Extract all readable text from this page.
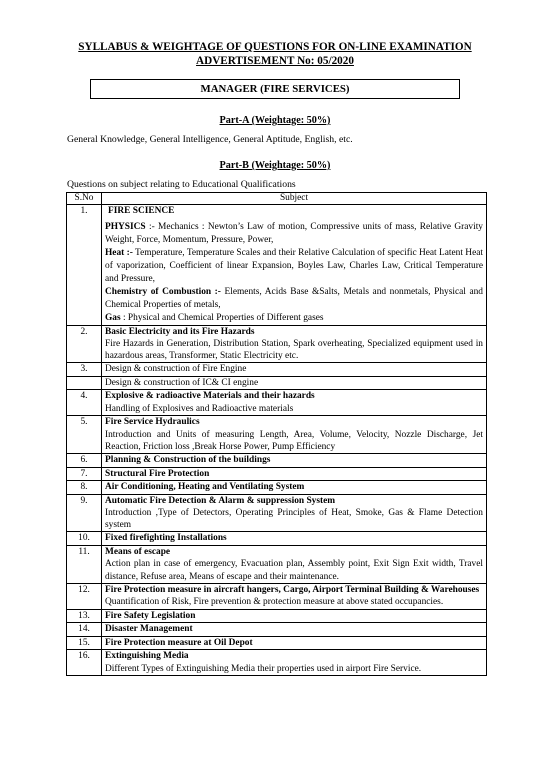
SYLLABUS & WEIGHTAGE OF QUESTIONS FOR ON-LINE EXAMINATION
ADVERTISEMENT No: 05/2020
MANAGER (FIRE SERVICES)
Part-A (Weightage: 50%)
General Knowledge, General Intelligence, General Aptitude, English, etc.
Part-B (Weightage: 50%)
Questions on subject relating to Educational Qualifications
S.No	Subject
1.	FIRE SCIENCE
PHYSICS :- Mechanics : Newton’s Law of motion, Compressive units of mass, Relative Gravity Weight, Force, Momentum, Pressure, Power,
Heat :- Temperature, Temperature Scales and their Relative Calculation of specific Heat Latent Heat of vaporization, Coefficient of linear Expansion, Boyles Law, Charles Law, Critical Temperature and Pressure,
Chemistry of Combustion :- Elements, Acids Base &Salts, Metals and nonmetals, Physical and Chemical Properties of metals,
Gas : Physical and Chemical Properties of Different gases

2.	Basic Electricity and its Fire Hazards
Fire Hazards in Generation, Distribution Station, Spark overheating, Specialized equipment used in hazardous areas, Transformer, Static Electricity etc.

3.	Design & construction of Fire Engine
	Design & construction of IC& CI engine
4.	Explosive & radioactive Materials and their hazards
Handling of Explosives and Radioactive materials

5.	Fire Service Hydraulics
Introduction and Units of measuring Length, Area, Volume, Velocity, Nozzle Discharge, Jet Reaction, Friction loss ,Break Horse Power, Pump Efficiency

6.	Planning & Construction of the buildings
7.	Structural Fire Protection
8.	Air Conditioning, Heating and Ventilating System
9.	Automatic Fire Detection & Alarm & suppression System
Introduction ,Type of Detectors, Operating Principles of Heat, Smoke, Gas & Flame Detection system

10.	Fixed firefighting Installations
11.	Means of escape
Action plan in case of emergency, Evacuation plan, Assembly point, Exit Sign Exit width, Travel distance, Refuse area, Means of escape and their maintenance.

12.	Fire Protection measure in aircraft hangers, Cargo, Airport Terminal Building & Warehouses
Quantification of Risk, Fire prevention & protection measure at above stated occupancies.

13.	Fire Safety Legislation
14.	Disaster Management
15.	Fire Protection measure at Oil Depot
16.	Extinguishing Media
Different Types of Extinguishing Media their properties used in airport Fire Service.
